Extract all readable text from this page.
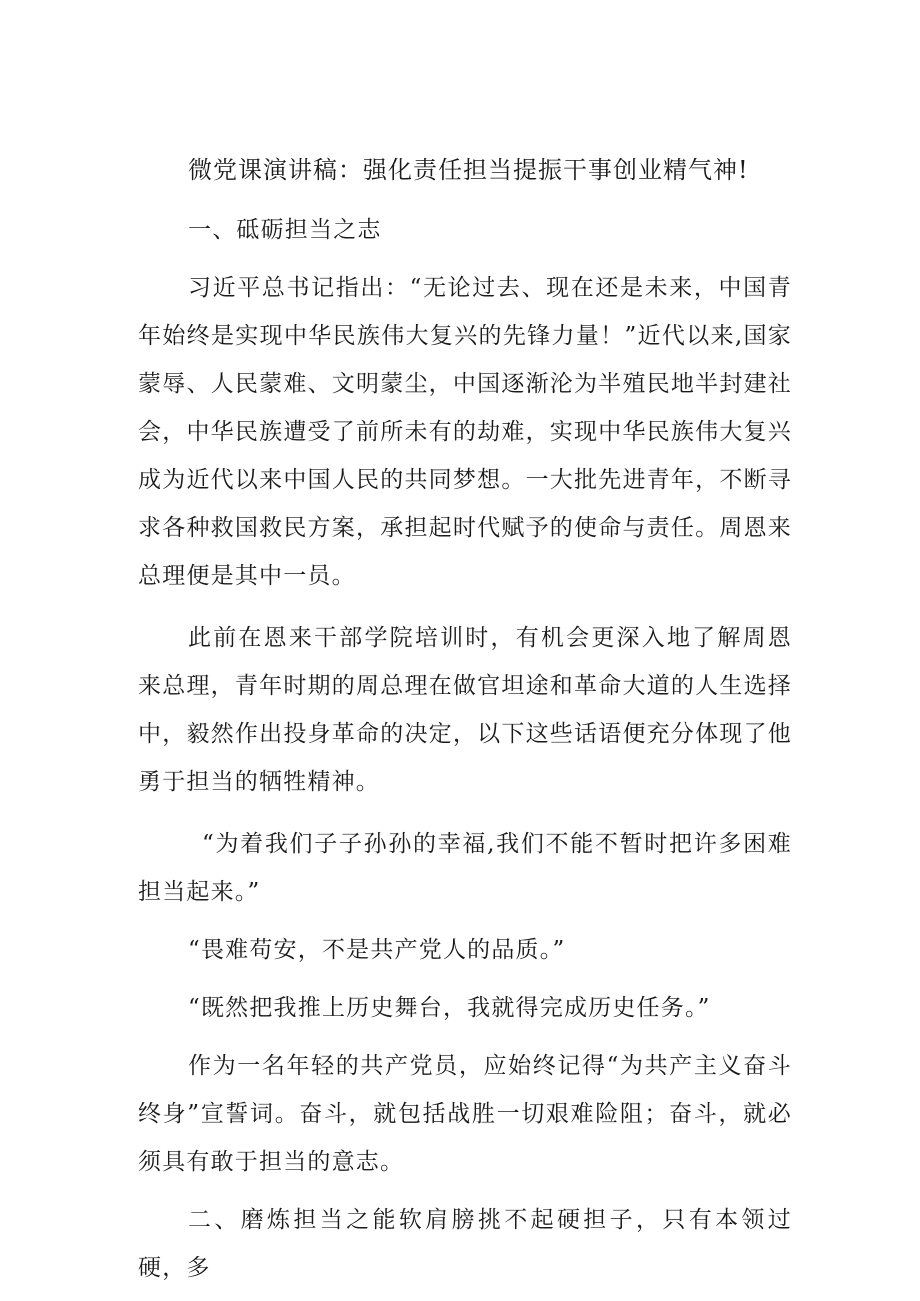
微党课演讲稿：强化责任担当提振干事创业精气神!

一、砥砺担当之志

习近平总书记指出：“无论过去、现在还是未来，中国青年始终是实现中华民族伟大复兴的先锋力量！”近代以来,国家蒙辱、人民蒙难、文明蒙尘，中国逐渐沦为半殖民地半封建社会，中华民族遭受了前所未有的劫难，实现中华民族伟大复兴成为近代以来中国人民的共同梦想。一大批先进青年，不断寻求各种救国救民方案，承担起时代赋予的使命与责任。周恩来总理便是其中一员。

此前在恩来干部学院培训时，有机会更深入地了解周恩来总理，青年时期的周总理在做官坦途和革命大道的人生选择中，毅然作出投身革命的决定，以下这些话语便充分体现了他勇于担当的牺牲精神。

“为着我们子子孙孙的幸福,我们不能不暂时把许多困难担当起来。”

“畏难苟安，不是共产党人的品质。”

“既然把我推上历史舞台，我就得完成历史任务。”

作为一名年轻的共产党员，应始终记得“为共产主义奋斗终身”宣誓词。奋斗，就包括战胜一切艰难险阻；奋斗，就必须具有敢于担当的意志。

二、磨炼担当之能软肩膀挑不起硬担子，只有本领过硬，多
